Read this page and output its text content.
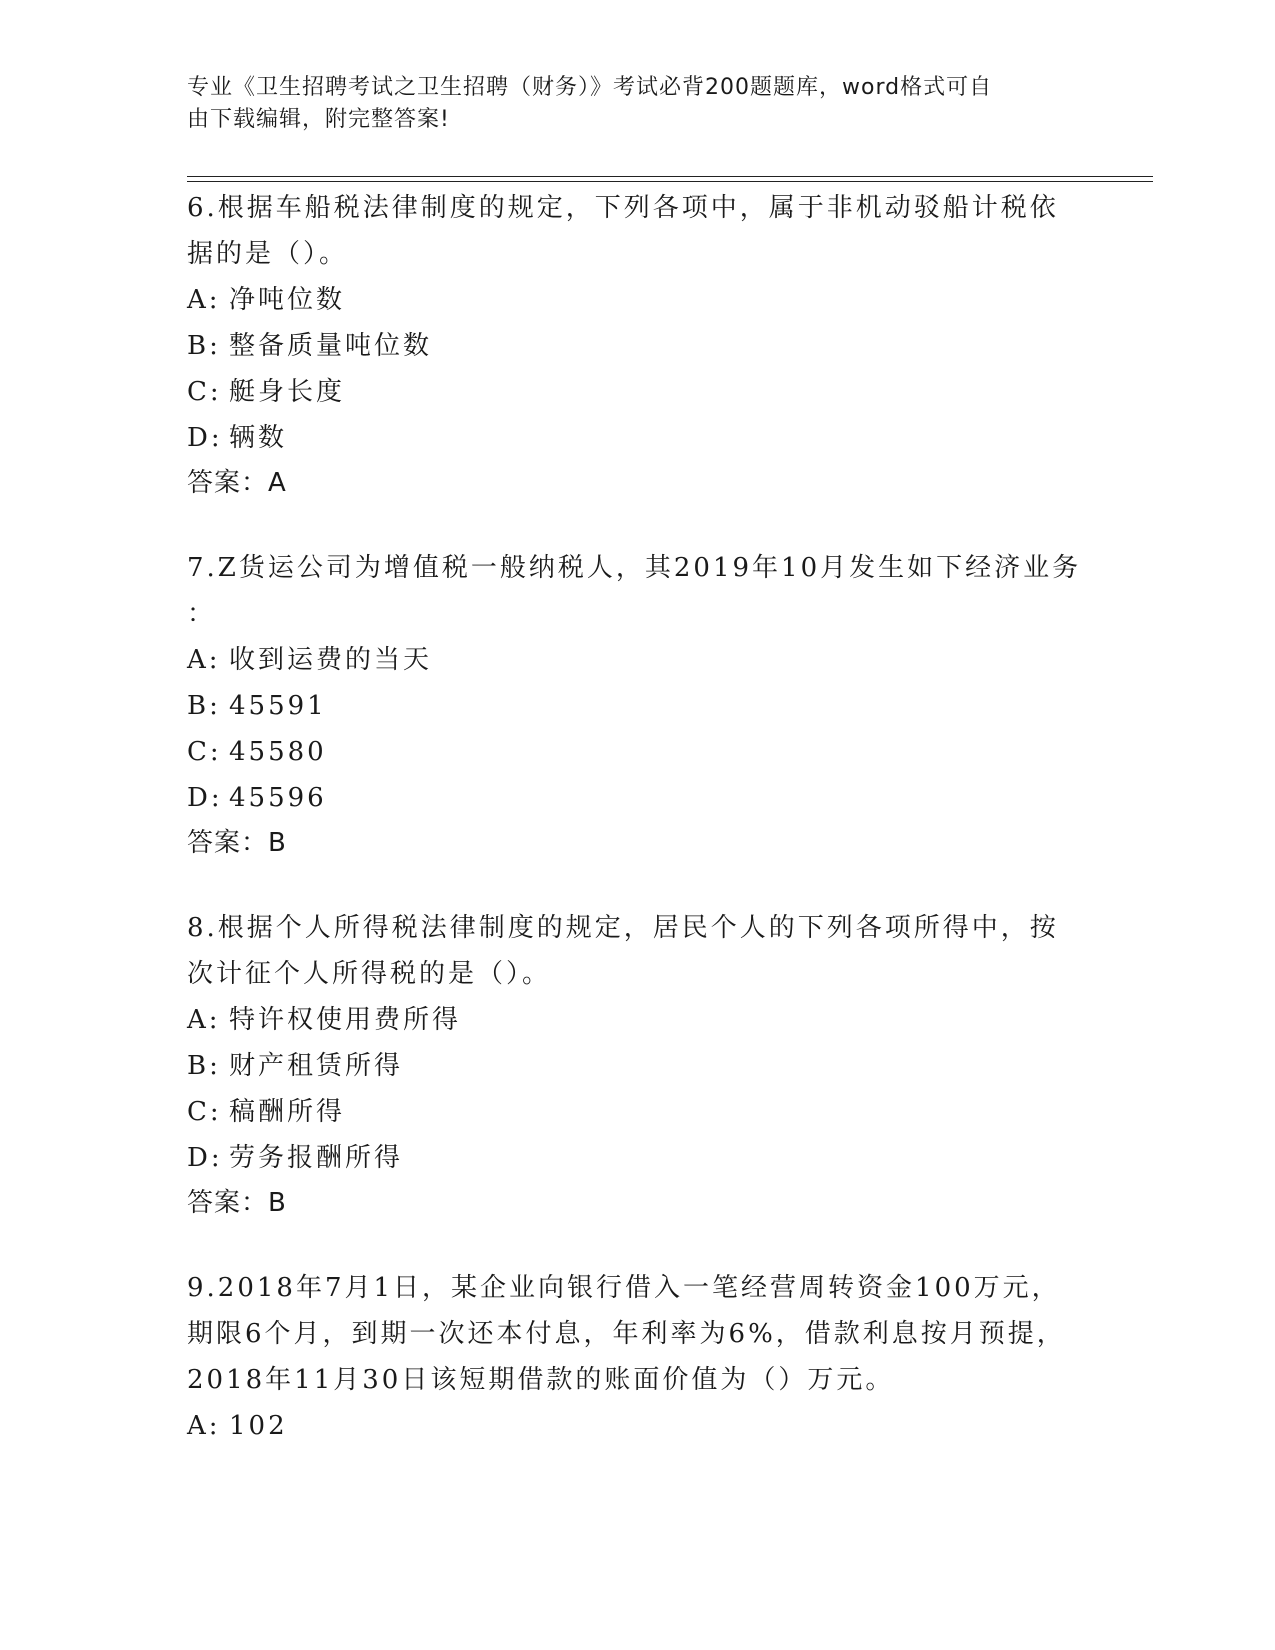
专业《卫生招聘考试之卫生招聘（财务）》考试必背200题题库，word格式可自
由下载编辑，附完整答案!

6.根据车船税法律制度的规定，下列各项中，属于非机动驳船计税依
据的是（）。

A: 净吨位数

B: 整备质量吨位数

C: 艇身长度

D: 辆数

答案：A

7.Z货运公司为增值税一般纳税人，其2019年10月发生如下经济业务
：

A: 收到运费的当天

B: 45591

C: 45580

D: 45596

答案：B

8.根据个人所得税法律制度的规定，居民个人的下列各项所得中，按
次计征个人所得税的是（）。

A: 特许权使用费所得

B: 财产租赁所得

C: 稿酬所得

D: 劳务报酬所得

答案：B

9.2018年7月1日，某企业向银行借入一笔经营周转资金100万元，
期限6个月，到期一次还本付息，年利率为6%，借款利息按月预提，
2018年11月30日该短期借款的账面价值为（）万元。

A: 102
